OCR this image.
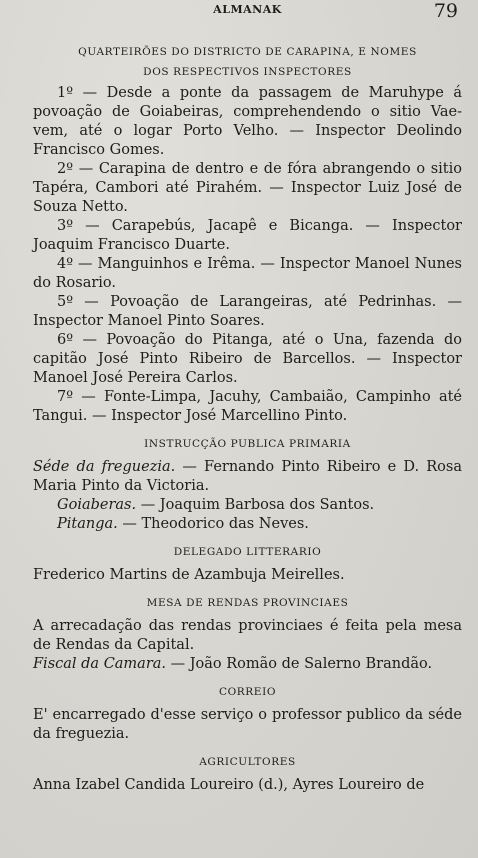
ALMANAK	79
QUARTEIRÕES DO DISTRICTO DE CARAPINA, E NOMES
DOS RESPECTIVOS INSPECTORES

1º — Desde a ponte da passagem de Maruhype á povoação de Goiabeiras, comprehendendo o sitio Vae-vem, até o logar Porto Velho. — Inspector Deolindo Francisco Gomes.

2º — Carapina de dentro e de fóra abrangendo o sitio Tapéra, Cambori até Pirahém. — Inspector Luiz José de Souza Netto.

3º — Carapebús, Jacapê e Bicanga. — Inspector Joaquim Francisco Duarte.

4º — Manguinhos e Irêma. — Inspector Manoel Nunes do Rosario.

5º — Povoação de Larangeiras, até Pedrinhas. — Inspector Manoel Pinto Soares.

6º — Povoação do Pitanga, até o Una, fazenda do capitão José Pinto Ribeiro de Barcellos. — Inspector Manoel José Pereira Carlos.

7º — Fonte-Limpa, Jacuhy, Cambaião, Campinho até Tangui. — Inspector José Marcellino Pinto.

INSTRUCÇÃO PUBLICA PRIMARIA

Séde da freguezia. — Fernando Pinto Ribeiro e D. Rosa Maria Pinto da Victoria.

Goiaberas. — Joaquim Barbosa dos Santos.

Pitanga. — Theodorico das Neves.

DELEGADO LITTERARIO

Frederico Martins de Azambuja Meirelles.

MESA DE RENDAS PROVINCIAES

A arrecadação das rendas provinciaes é feita pela mesa de Rendas da Capital.

Fiscal da Camara. — João Romão de Salerno Brandão.

CORREIO

E' encarregado d'esse serviço o professor publico da séde da freguezia.

AGRICULTORES

Anna Izabel Candida Loureiro (d.), Ayres Loureiro de
